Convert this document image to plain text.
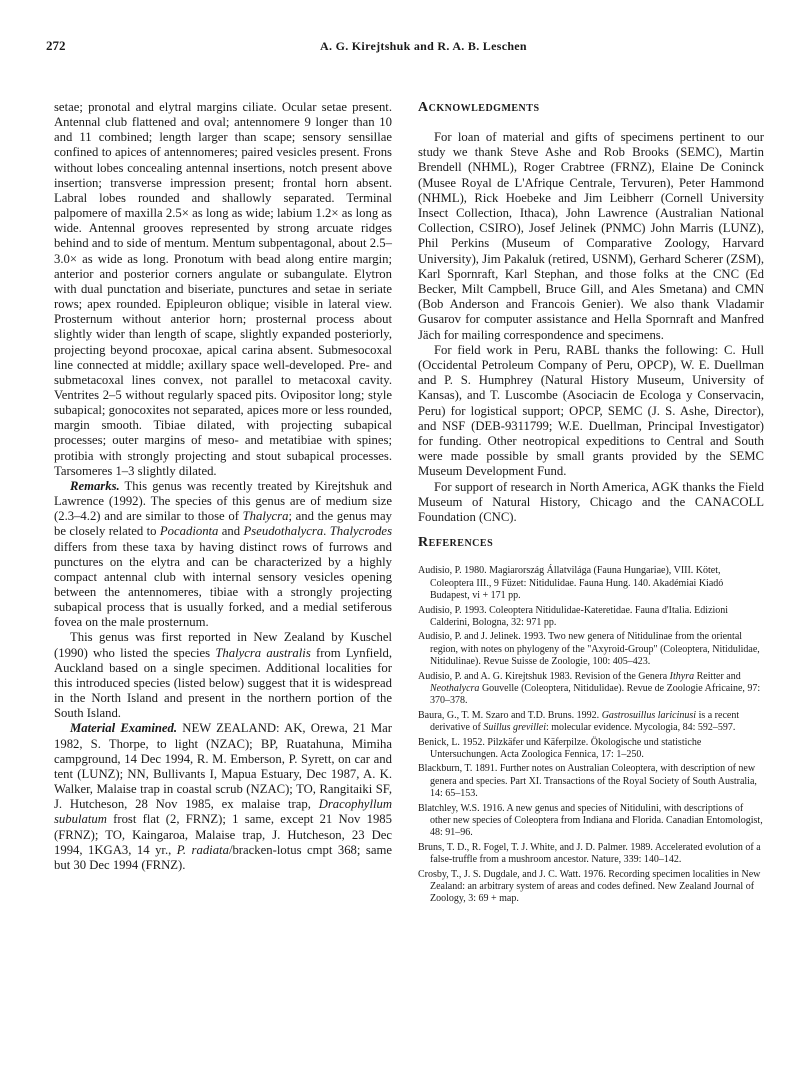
272	A. G. Kirejtshuk and R. A. B. Leschen

setae; pronotal and elytral margins ciliate. Ocular setae present. Antennal club flattened and oval; antennomere 9 longer than 10 and 11 combined; length larger than scape; sensory sensillae confined to apices of antennomeres; paired vesicles present. Frons without lobes concealing antennal insertions, notch present above insertion; transverse impression present; frontal horn absent. Labral lobes rounded and shallowly separated. Terminal palpomere of maxilla 2.5× as long as wide; labium 1.2× as long as wide. Antennal grooves represented by strong arcuate ridges behind and to side of mentum. Mentum subpentagonal, about 2.5–3.0× as wide as long. Pronotum with bead along entire margin; anterior and posterior corners angulate or subangulate. Elytron with dual punctation and biseriate, punctures and setae in seriate rows; apex rounded. Epipleuron oblique; visible in lateral view. Prosternum without anterior horn; prosternal process about slightly wider than length of scape, slightly expanded posteriorly, projecting beyond procoxae, apical carina absent. Submesocoxal line connected at middle; axillary space well-developed. Pre- and submetacoxal lines convex, not parallel to metacoxal cavity. Ventrites 2–5 without regularly spaced pits. Ovipositor long; style subapical; gonocoxites not separated, apices more or less rounded, margin smooth. Tibiae dilated, with projecting subapical processes; outer margins of meso- and metatibiae with spines; protibia with strongly projecting and stout subapical processes. Tarsomeres 1–3 slightly dilated.

Remarks. This genus was recently treated by Kirejtshuk and Lawrence (1992). The species of this genus are of medium size (2.3–4.2) and are similar to those of Thalycra; and the genus may be closely related to Pocadionta and Pseudothalycra. Thalycrodes differs from these taxa by having distinct rows of furrows and punctures on the elytra and can be characterized by a highly compact antennal club with internal sensory vesicles opening between the antennomeres, tibiae with a strongly projecting subapical process that is usually forked, and a medial setiferous fovea on the male prosternum.

This genus was first reported in New Zealand by Kuschel (1990) who listed the species Thalycra australis from Lynfield, Auckland based on a single specimen. Additional localities for this introduced species (listed below) suggest that it is widespread in the North Island and present in the northern portion of the South Island.

Material Examined. NEW ZEALAND: AK, Orewa, 21 Mar 1982, S. Thorpe, to light (NZAC); BP, Ruatahuna, Mimiha campground, 14 Dec 1994, R. M. Emberson, P. Syrett, on car and tent (LUNZ); NN, Bullivants I, Mapua Estuary, Dec 1987, A. K. Walker, Malaise trap in coastal scrub (NZAC); TO, Rangitaiki SF, J. Hutcheson, 28 Nov 1985, ex malaise trap, Dracophyllum subulatum frost flat (2, FRNZ); 1 same, except 21 Nov 1985 (FRNZ); TO, Kaingaroa, Malaise trap, J. Hutcheson, 23 Dec 1994, 1KGA3, 14 yr., P. radiata/bracken-lotus cmpt 368; same but 30 Dec 1994 (FRNZ).

Acknowledgments

For loan of material and gifts of specimens pertinent to our study we thank Steve Ashe and Rob Brooks (SEMC), Martin Brendell (NHML), Roger Crabtree (FRNZ), Elaine De Coninck (Musee Royal de L'Afrique Centrale, Tervuren), Peter Hammond (NHML), Rick Hoebeke and Jim Leibherr (Cornell University Insect Collection, Ithaca), John Lawrence (Australian National Collection, CSIRO), Josef Jelinek (PNMC) John Marris (LUNZ), Phil Perkins (Museum of Comparative Zoology, Harvard University), Jim Pakaluk (retired, USNM), Gerhard Scherer (ZSM), Karl Spornraft, Karl Stephan, and those folks at the CNC (Ed Becker, Milt Campbell, Bruce Gill, and Ales Smetana) and CMN (Bob Anderson and Francois Genier). We also thank Vladamir Gusarov for computer assistance and Hella Spornraft and Manfred Jäch for mailing correspondence and specimens.

For field work in Peru, RABL thanks the following: C. Hull (Occidental Petroleum Company of Peru, OPCP), W. E. Duellman and P. S. Humphrey (Natural History Museum, University of Kansas), and T. Luscombe (Asociacin de Ecologa y Conservacin, Peru) for logistical support; OPCP, SEMC (J. S. Ashe, Director), and NSF (DEB-9311799; W.E. Duellman, Principal Investigator) for funding. Other neotropical expeditions to Central and South were made possible by small grants provided by the SEMC Museum Development Fund.

For support of research in North America, AGK thanks the Field Museum of Natural History, Chicago and the CANACOLL Foundation (CNC).

References

Audisio, P. 1980. Magiarország Állatvilága (Fauna Hungariae), VIII. Kötet, Coleoptera III., 9 Füzet: Nitidulidae. Fauna Hung. 140. Akadémiai Kiadó Budapest, vi + 171 pp.

Audisio, P. 1993. Coleoptera Nitidulidae-Kateretidae. Fauna d'Italia. Edizioni Calderini, Bologna, 32: 971 pp.

Audisio, P. and J. Jelinek. 1993. Two new genera of Nitidulinae from the oriental region, with notes on phylogeny of the "Axyroid-Group" (Coleoptera, Nitidulidae, Nitidulinae). Revue Suisse de Zoologie, 100: 405–423.

Audisio, P. and A. G. Kirejtshuk 1983. Revision of the Genera Ithyra Reitter and Neothalycra Gouvelle (Coleoptera, Nitidulidae). Revue de Zoologie Africaine, 97: 370–378.

Baura, G., T. M. Szaro and T.D. Bruns. 1992. Gastrosuillus laricinusi is a recent derivative of Suillus grevillei: molecular evidence. Mycologia, 84: 592–597.

Benick, L. 1952. Pilzkäfer und Käferpilze. Ökologische und statistiche Untersuchungen. Acta Zoologica Fennica, 17: 1–250.

Blackburn, T. 1891. Further notes on Australian Coleoptera, with description of new genera and species. Part XI. Transactions of the Royal Society of South Australia, 14: 65–153.

Blatchley, W.S. 1916. A new genus and species of Nitidulini, with descriptions of other new species of Coleoptera from Indiana and Florida. Canadian Entomologist, 48: 91–96.

Bruns, T. D., R. Fogel, T. J. White, and J. D. Palmer. 1989. Accelerated evolution of a false-truffle from a mushroom ancestor. Nature, 339: 140–142.

Crosby, T., J. S. Dugdale, and J. C. Watt. 1976. Recording specimen localities in New Zealand: an arbitrary system of areas and codes defined. New Zealand Journal of Zoology, 3: 69 + map.
